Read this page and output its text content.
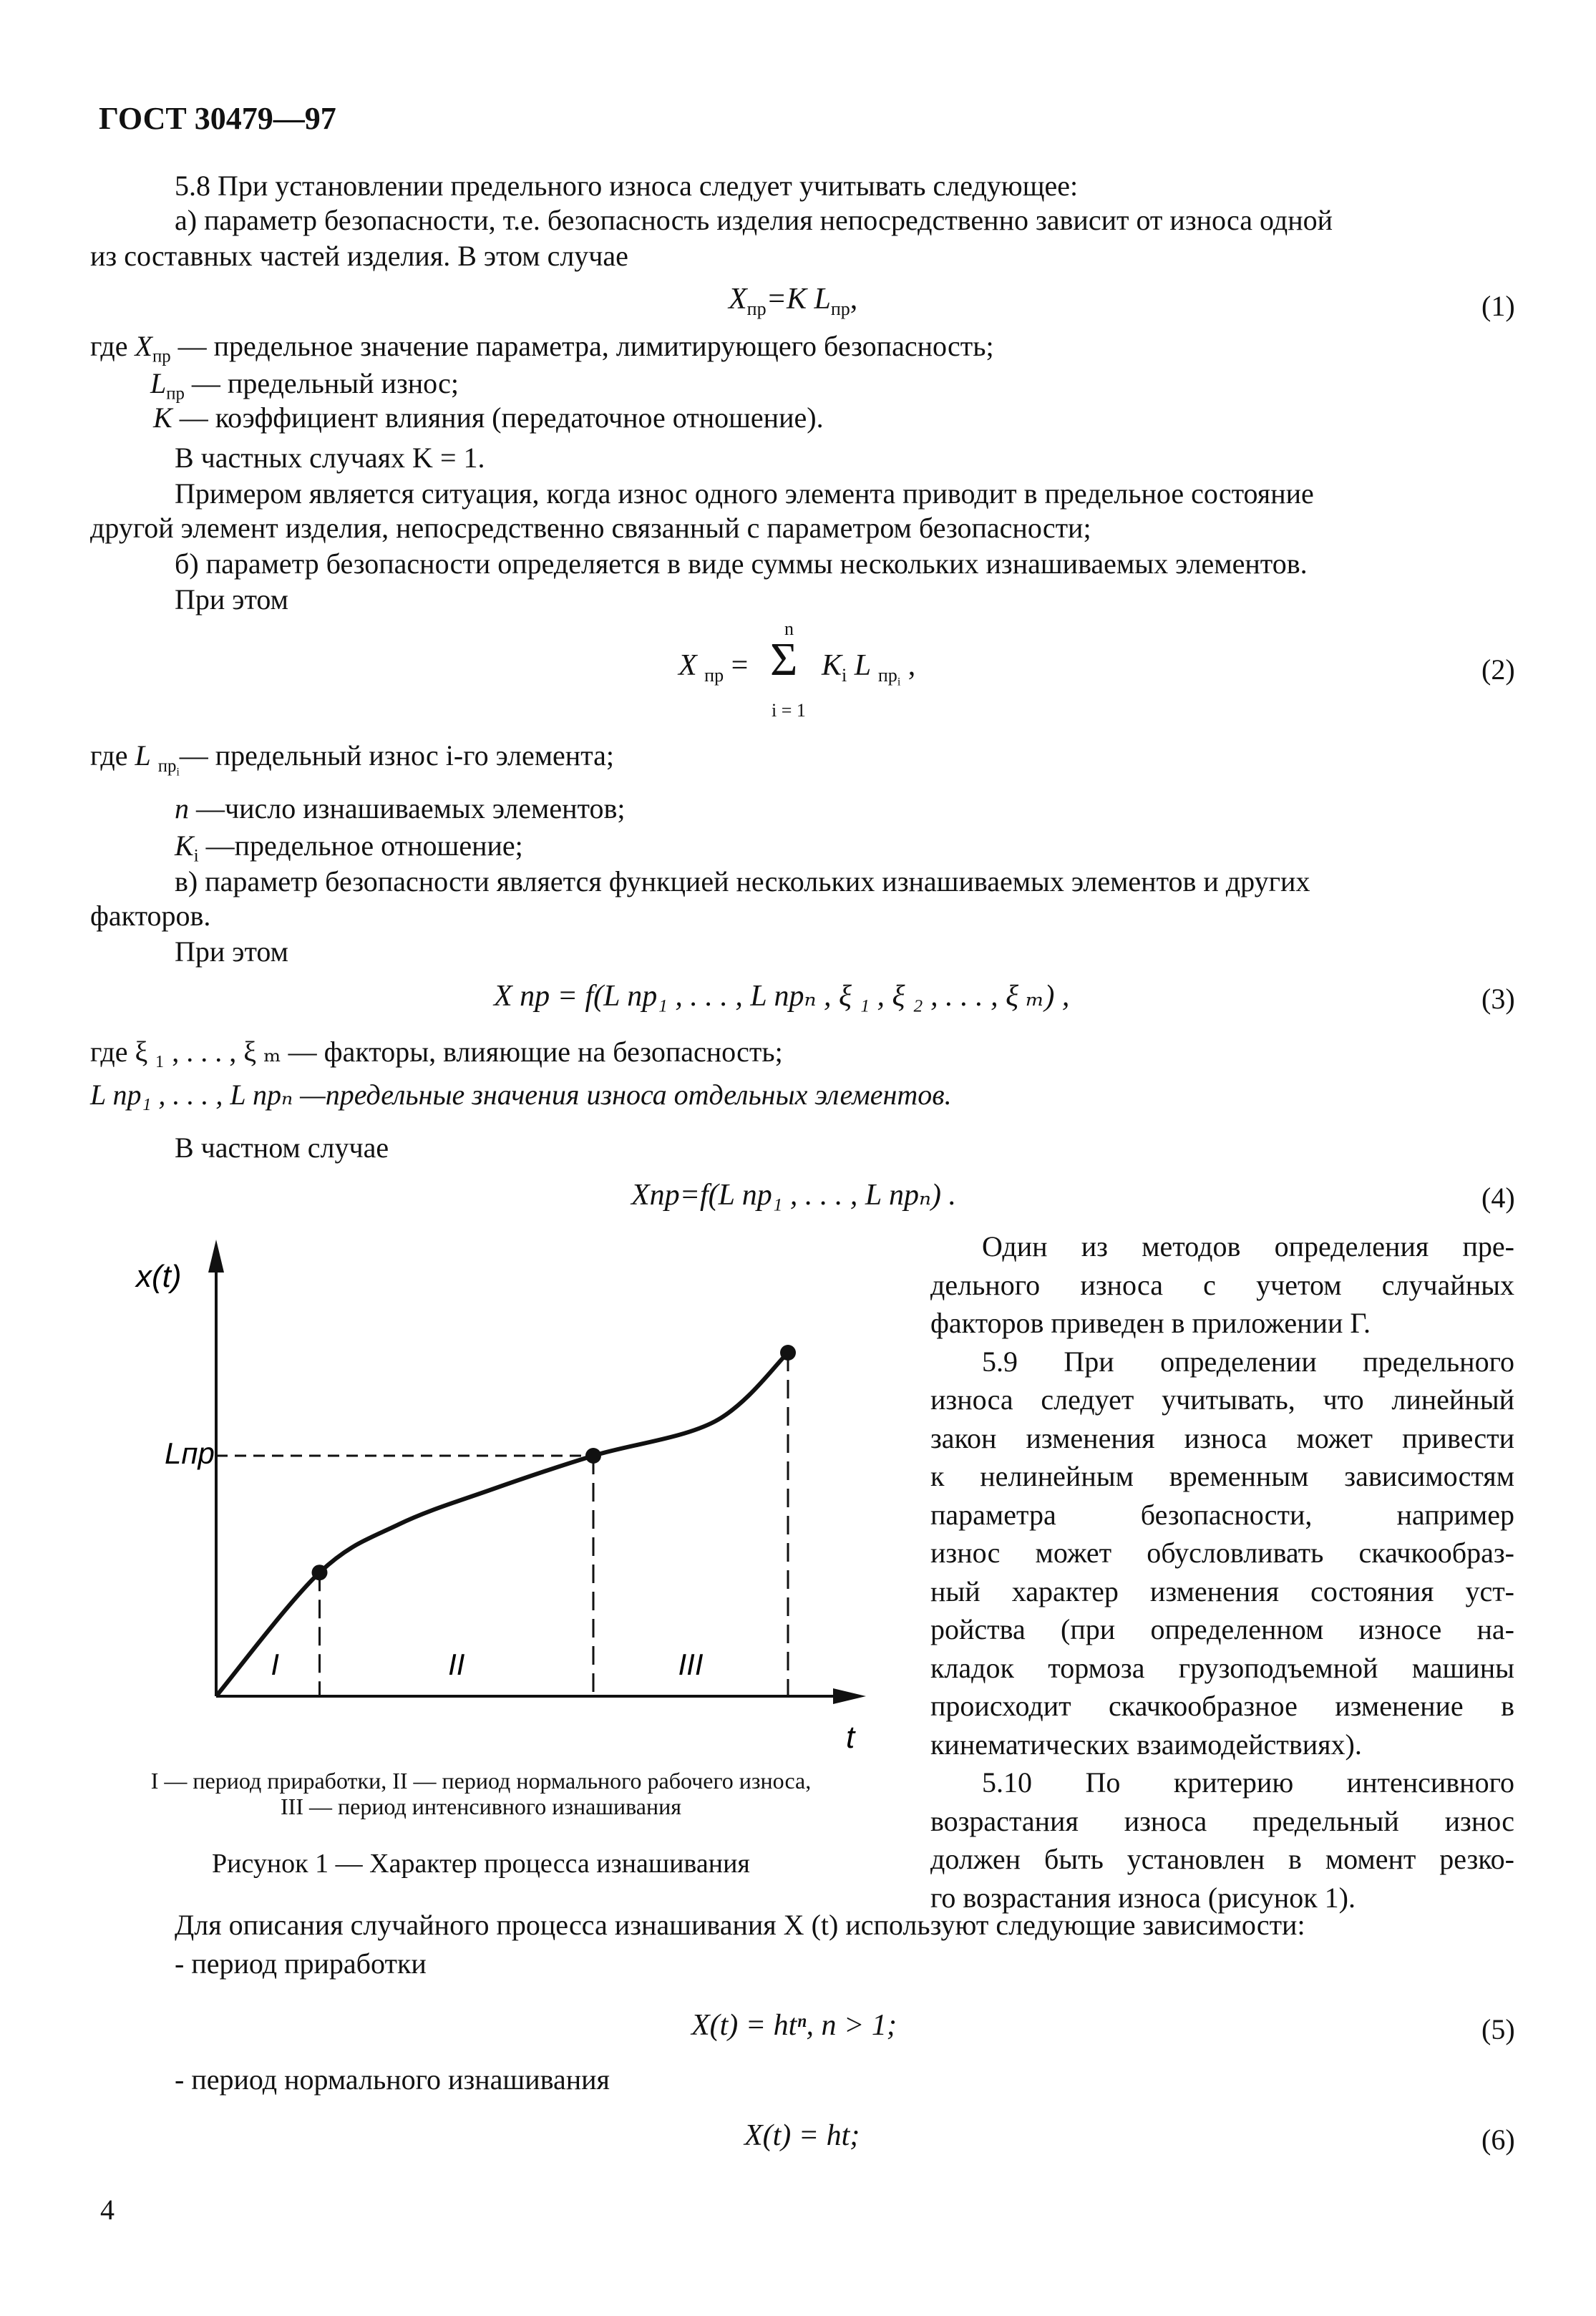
ГОСТ 30479—97
5.8 При установлении предельного износа следует учитывать следующее:
а) параметр безопасности, т.е. безопасность изделия непосредственно зависит от износа одной
из составных частей изделия. В этом случае
$X_{пр}=K$ $L_{пр}$,	(1)
где $X_{пр}$ — предельное значение параметра, лимитирующего безопасность;
$L_{пр}$ — предельный износ;
K — коэффициент влияния (передаточное отношение).
В частных случаях K = 1.
Примером является ситуация, когда износ одного элемента приводит в предельное состояние
другой элемент изделия, непосредственно связанный с параметром безопасности;
б) параметр безопасности определяется в виде суммы нескольких изнашиваемых элементов.
При этом
X $_{пр}$ =
n
Σ
i = 1
$K_i$ L $_{пр_i}$ ,	(2)
где L $_{пр_i}$— предельный износ i-го элемента;
n —число изнашиваемых элементов;
$K_i$ —предельное отношение;
в) параметр безопасности является функцией нескольких изнашиваемых элементов и других
факторов.
При этом
X пр = f(L пр₁ , . . . , L прₙ , ξ ₁ , ξ ₂ , . . . , ξ ₘ) ,	(3)
где ξ ₁ , . . . , ξ ₘ — факторы, влияющие на безопасность;
L пр₁ , . . . , L прₙ —предельные значения износа отдельных элементов.
В частном случае
Xпр=f(L пр₁ , . . . , L прₙ) .	(4)
x(t)
t
Lпр
I	II	III
I — период приработки, II — период нормального рабочего износа,
III — период интенсивного изнашивания
Рисунок 1 — Характер процесса изнашивания
Один из методов определения пре-
дельного износа с учетом случайных
факторов приведен в приложении Г.
5.9 При определении предельного
износа следует учитывать, что линейный
закон изменения износа может привести
к нелинейным временным зависимостям
параметра безопасности, например
износ может обусловливать скачкообраз-
ный характер изменения состояния уст-
ройства (при определенном износе на-
кладок тормоза грузоподъемной машины
происходит скачкообразное изменение в
кинематических взаимодействиях).
5.10 По критерию интенсивного
возрастания износа предельный износ
должен быть установлен в момент резко-
го возрастания износа (рисунок 1).
Для описания случайного процесса изнашивания X (t) используют следующие зависимости:
- период приработки
X(t) = htⁿ, n > 1;	(5)
- период нормального изнашивания
X(t) = ht;	(6)
4
